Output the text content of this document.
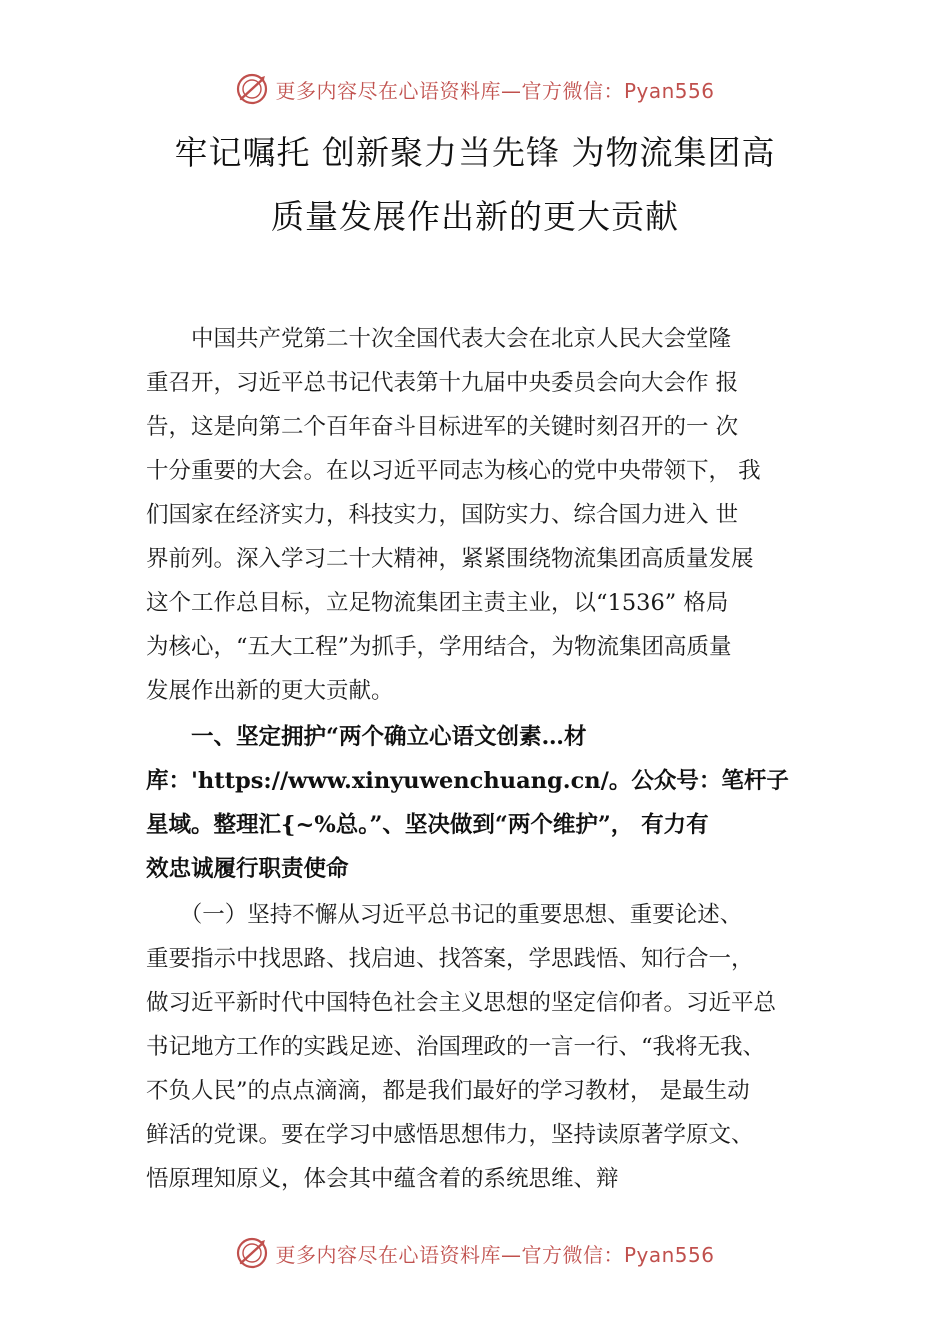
更多内容尽在心语资料库—官方微信：Pyan556
牢记嘱托 创新聚力当先锋 为物流集团高
质量发展作出新的更大贡献
　　中国共产党第二十次全国代表大会在北京人民大会堂隆
重召开，习近平总书记代表第十九届中央委员会向大会作 报
告，这是向第二个百年奋斗目标进军的关键时刻召开的一 次
十分重要的大会。在以习近平同志为核心的党中央带领下， 我
们国家在经济实力，科技实力，国防实力、综合国力进入 世
界前列。深入学习二十大精神，紧紧围绕物流集团高质量发展
这个工作总目标，立足物流集团主责主业，以“1536” 格局
为核心，“五大工程”为抓手，学用结合，为物流集团高质量
发展作出新的更大贡献。
　　一、坚定拥护“两个确立心语文创素…材
库：'https://www.xinyuwenchuang.cn/。公众号：笔杆子
星域。整理汇{~%总。”、坚决做到“两个维护”， 有力有
效忠诚履行职责使命
　　（一）坚持不懈从习近平总书记的重要思想、重要论述、
重要指示中找思路、找启迪、找答案，学思践悟、知行合一，
做习近平新时代中国特色社会主义思想的坚定信仰者。习近平总
书记地方工作的实践足迹、治国理政的一言一行、“我将无我、
不负人民”的点点滴滴，都是我们最好的学习教材， 是最生动
鲜活的党课。要在学习中感悟思想伟力，坚持读原著学原文、
悟原理知原义，体会其中蕴含着的系统思维、辩
更多内容尽在心语资料库—官方微信：Pyan556
